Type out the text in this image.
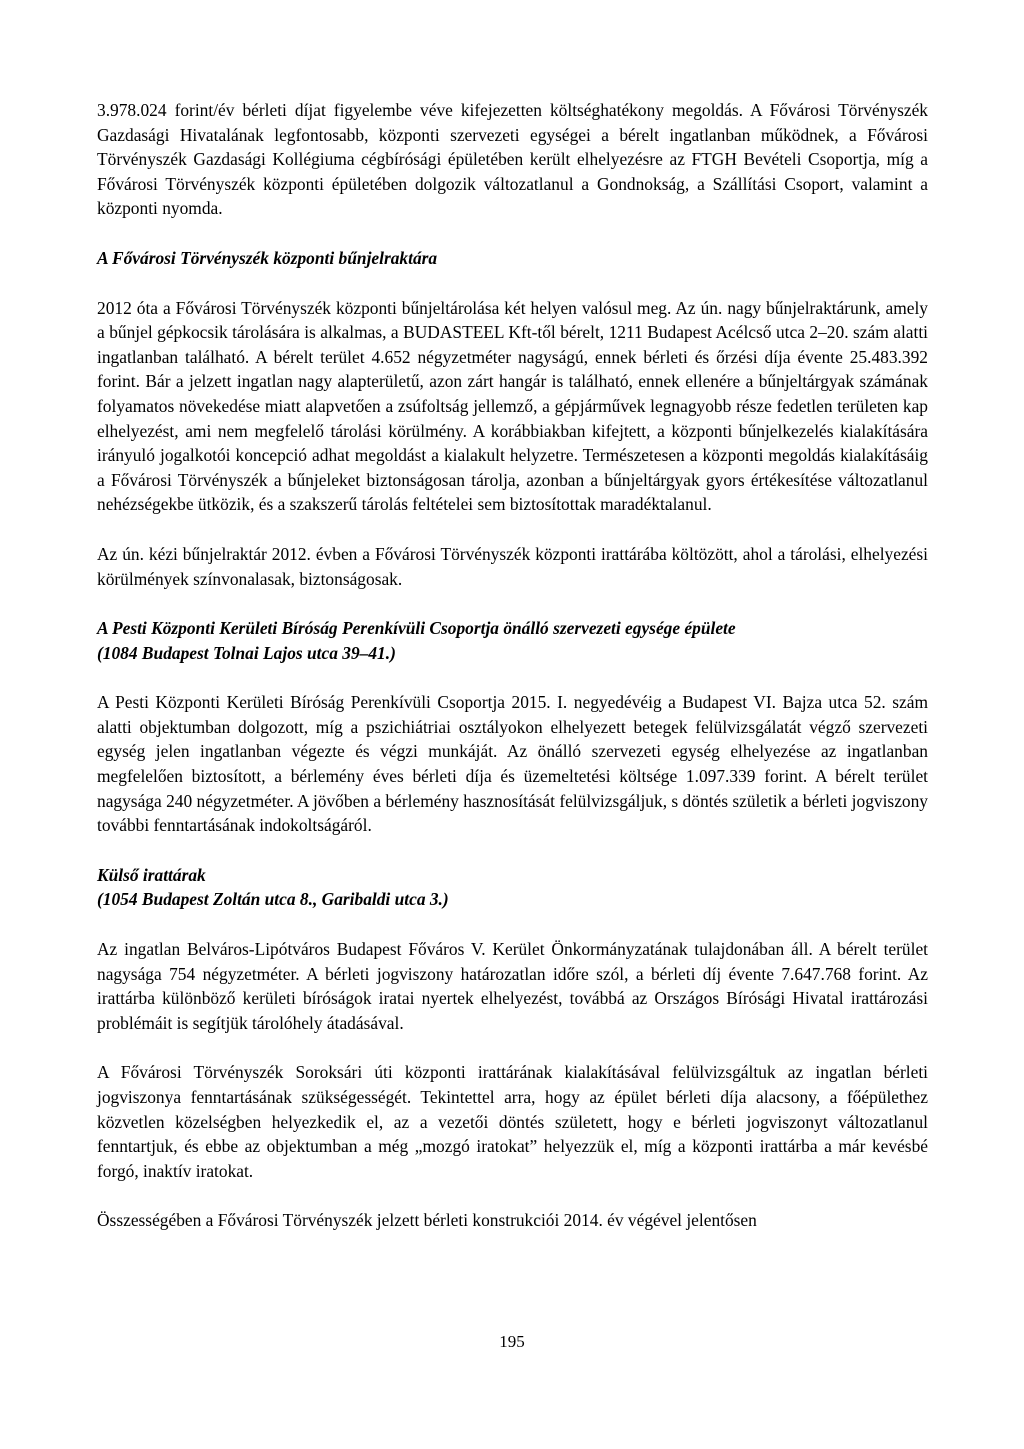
3.978.024 forint/év bérleti díjat figyelembe véve kifejezetten költséghatékony megoldás. A Fővárosi Törvényszék Gazdasági Hivatalának legfontosabb, központi szervezeti egységei a bérelt ingatlanban működnek, a Fővárosi Törvényszék Gazdasági Kollégiuma cégbírósági épületében került elhelyezésre az FTGH Bevételi Csoportja, míg a Fővárosi Törvényszék központi épületében dolgozik változatlanul a Gondnokság, a Szállítási Csoport, valamint a központi nyomda.

A Fővárosi Törvényszék központi bűnjelraktára

2012 óta a Fővárosi Törvényszék központi bűnjeltárolása két helyen valósul meg. Az ún. nagy bűnjelraktárunk, amely a bűnjel gépkocsik tárolására is alkalmas, a BUDASTEEL Kft-től bérelt, 1211 Budapest Acélcső utca 2–20. szám alatti ingatlanban található. A bérelt terület 4.652 négyzetméter nagyságú, ennek bérleti és őrzési díja évente 25.483.392 forint. Bár a jelzett ingatlan nagy alapterületű, azon zárt hangár is található, ennek ellenére a bűnjeltárgyak számának folyamatos növekedése miatt alapvetően a zsúfoltság jellemző, a gépjárművek legnagyobb része fedetlen területen kap elhelyezést, ami nem megfelelő tárolási körülmény. A korábbiakban kifejtett, a központi bűnjelkezelés kialakítására irányuló jogalkotói koncepció adhat megoldást a kialakult helyzetre. Természetesen a központi megoldás kialakításáig a Fővárosi Törvényszék a bűnjeleket biztonságosan tárolja, azonban a bűnjeltárgyak gyors értékesítése változatlanul nehézségekbe ütközik, és a szakszerű tárolás feltételei sem biztosítottak maradéktalanul.

Az ún. kézi bűnjelraktár 2012. évben a Fővárosi Törvényszék központi irattárába költözött, ahol a tárolási, elhelyezési körülmények színvonalasak, biztonságosak.

A Pesti Központi Kerületi Bíróság Perenkívüli Csoportja önálló szervezeti egysége épülete
(1084 Budapest Tolnai Lajos utca 39–41.)

A Pesti Központi Kerületi Bíróság Perenkívüli Csoportja 2015. I. negyedévéig a Budapest VI. Bajza utca 52. szám alatti objektumban dolgozott, míg a pszichiátriai osztályokon elhelyezett betegek felülvizsgálatát végző szervezeti egység jelen ingatlanban végezte és végzi munkáját. Az önálló szervezeti egység elhelyezése az ingatlanban megfelelően biztosított, a bérlemény éves bérleti díja és üzemeltetési költsége 1.097.339 forint. A bérelt terület nagysága 240 négyzetméter. A jövőben a bérlemény hasznosítását felülvizsgáljuk, s döntés születik a bérleti jogviszony további fenntartásának indokoltságáról.

Külső irattárak
(1054 Budapest Zoltán utca 8., Garibaldi utca 3.)

Az ingatlan Belváros-Lipótváros Budapest Főváros V. Kerület Önkormányzatának tulajdonában áll. A bérelt terület nagysága 754 négyzetméter. A bérleti jogviszony határozatlan időre szól, a bérleti díj évente 7.647.768 forint. Az irattárba különböző kerületi bíróságok iratai nyertek elhelyezést, továbbá az Országos Bírósági Hivatal irattározási problémáit is segítjük tárolóhely átadásával.

A Fővárosi Törvényszék Soroksári úti központi irattárának kialakításával felülvizsgáltuk az ingatlan bérleti jogviszonya fenntartásának szükségességét. Tekintettel arra, hogy az épület bérleti díja alacsony, a főépülethez közvetlen közelségben helyezkedik el, az a vezetői döntés született, hogy e bérleti jogviszonyt változatlanul fenntartjuk, és ebbe az objektumban a még „mozgó iratokat” helyezzük el, míg a központi irattárba a már kevésbé forgó, inaktív iratokat.

Összességében a Fővárosi Törvényszék jelzett bérleti konstrukciói 2014. év végével jelentősen

195
